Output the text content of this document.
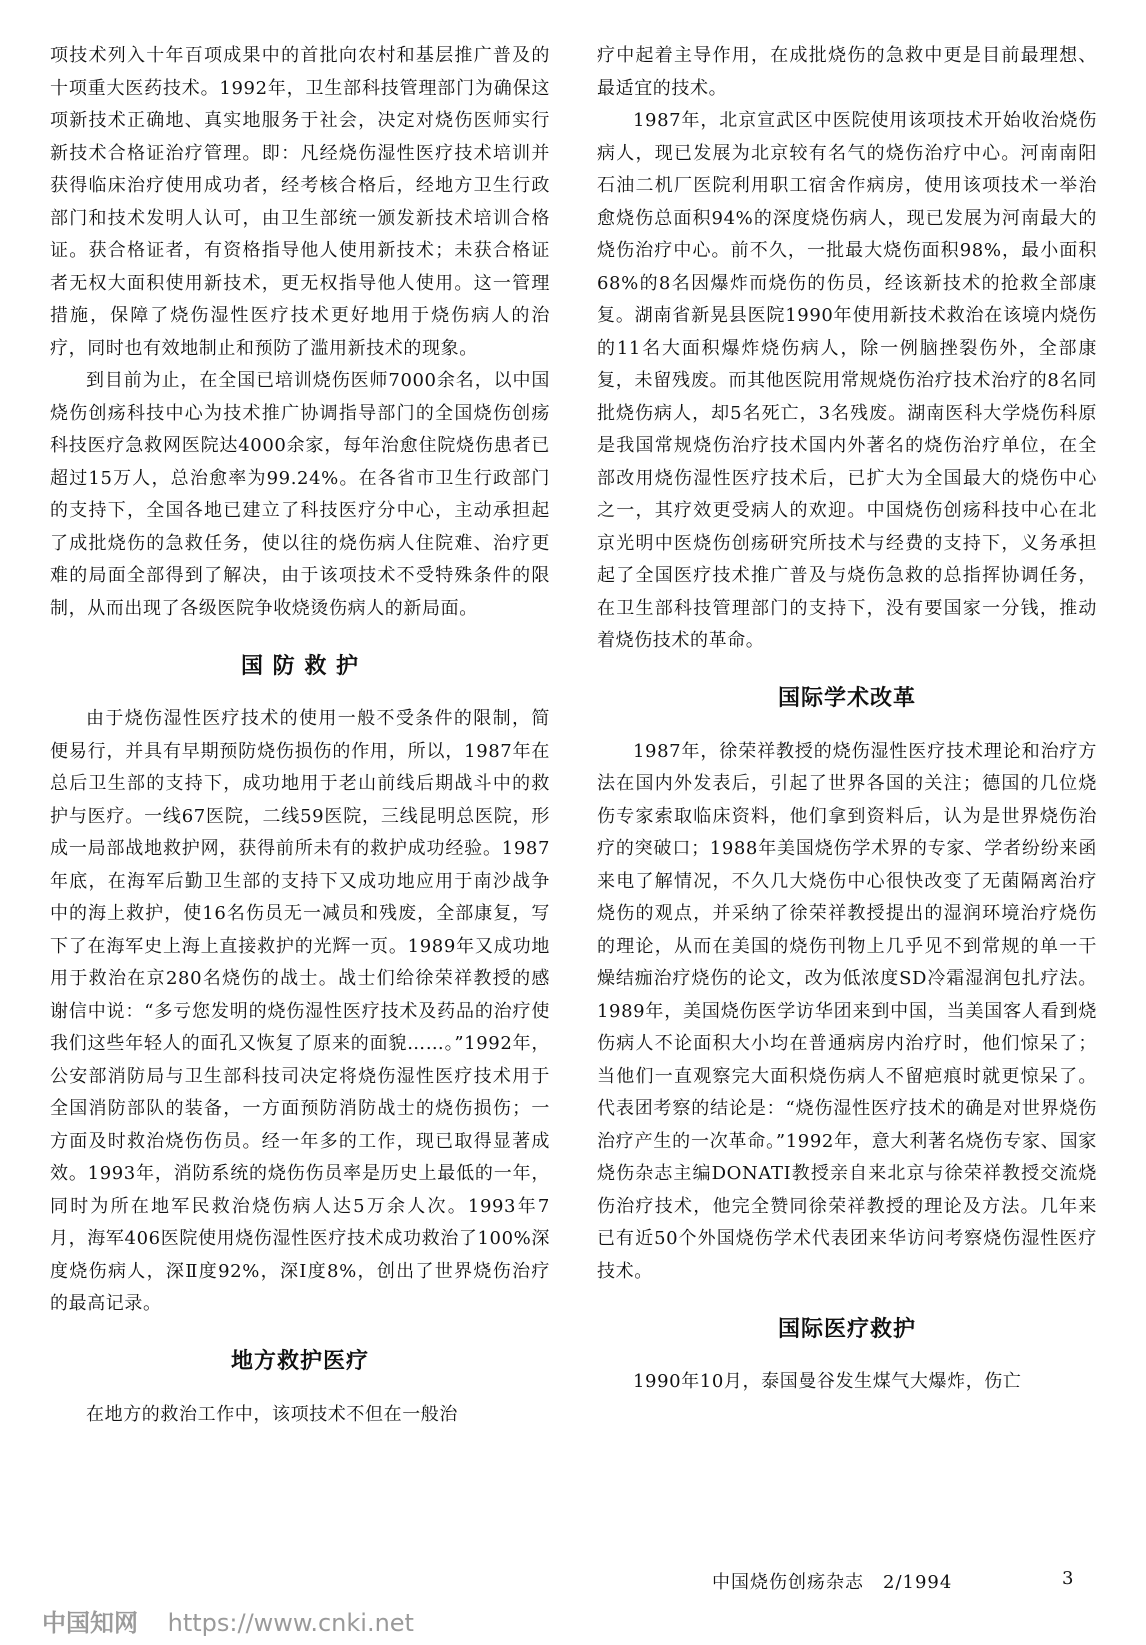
项技术列入十年百项成果中的首批向农村和基层推广普及的十项重大医药技术。1992年，卫生部科技管理部门为确保这项新技术正确地、真实地服务于社会，决定对烧伤医师实行新技术合格证治疗管理。即：凡经烧伤湿性医疗技术培训并获得临床治疗使用成功者，经考核合格后，经地方卫生行政部门和技术发明人认可，由卫生部统一颁发新技术培训合格证。获合格证者，有资格指导他人使用新技术；未获合格证者无权大面积使用新技术，更无权指导他人使用。这一管理措施，保障了烧伤湿性医疗技术更好地用于烧伤病人的治疗，同时也有效地制止和预防了滥用新技术的现象。

到目前为止，在全国已培训烧伤医师7000余名，以中国烧伤创疡科技中心为技术推广协调指导部门的全国烧伤创疡科技医疗急救网医院达4000余家，每年治愈住院烧伤患者已超过15万人，总治愈率为99.24%。在各省市卫生行政部门的支持下，全国各地已建立了科技医疗分中心，主动承担起了成批烧伤的急救任务，使以往的烧伤病人住院难、治疗更难的局面全部得到了解决，由于该项技术不受特殊条件的限制，从而出现了各级医院争收烧烫伤病人的新局面。

国 防 救 护

由于烧伤湿性医疗技术的使用一般不受条件的限制，简便易行，并具有早期预防烧伤损伤的作用，所以，1987年在总后卫生部的支持下，成功地用于老山前线后期战斗中的救护与医疗。一线67医院，二线59医院，三线昆明总医院，形成一局部战地救护网，获得前所未有的救护成功经验。1987年底，在海军后勤卫生部的支持下又成功地应用于南沙战争中的海上救护，使16名伤员无一减员和残废，全部康复，写下了在海军史上海上直接救护的光辉一页。1989年又成功地用于救治在京280名烧伤的战士。战士们给徐荣祥教授的感谢信中说：“多亏您发明的烧伤湿性医疗技术及药品的治疗使我们这些年轻人的面孔又恢复了原来的面貌……。”1992年，公安部消防局与卫生部科技司决定将烧伤湿性医疗技术用于全国消防部队的装备，一方面预防消防战士的烧伤损伤；一方面及时救治烧伤伤员。经一年多的工作，现已取得显著成效。1993年，消防系统的烧伤伤员率是历史上最低的一年，同时为所在地军民救治烧伤病人达5万余人次。1993年7月，海军406医院使用烧伤湿性医疗技术成功救治了100%深度烧伤病人，深Ⅱ度92%，深Ⅰ度8%，创出了世界烧伤治疗的最高记录。

地方救护医疗

在地方的救治工作中，该项技术不但在一般治

疗中起着主导作用，在成批烧伤的急救中更是目前最理想、最适宜的技术。

1987年，北京宣武区中医院使用该项技术开始收治烧伤病人，现已发展为北京较有名气的烧伤治疗中心。河南南阳石油二机厂医院利用职工宿舍作病房，使用该项技术一举治愈烧伤总面积94%的深度烧伤病人，现已发展为河南最大的烧伤治疗中心。前不久，一批最大烧伤面积98%，最小面积68%的8名因爆炸而烧伤的伤员，经该新技术的抢救全部康复。湖南省新晃县医院1990年使用新技术救治在该境内烧伤的11名大面积爆炸烧伤病人，除一例脑挫裂伤外，全部康复，未留残废。而其他医院用常规烧伤治疗技术治疗的8名同批烧伤病人，却5名死亡，3名残废。湖南医科大学烧伤科原是我国常规烧伤治疗技术国内外著名的烧伤治疗单位，在全部改用烧伤湿性医疗技术后，已扩大为全国最大的烧伤中心之一，其疗效更受病人的欢迎。中国烧伤创疡科技中心在北京光明中医烧伤创疡研究所技术与经费的支持下，义务承担起了全国医疗技术推广普及与烧伤急救的总指挥协调任务，在卫生部科技管理部门的支持下，没有要国家一分钱，推动着烧伤技术的革命。

国际学术改革

1987年，徐荣祥教授的烧伤湿性医疗技术理论和治疗方法在国内外发表后，引起了世界各国的关注；德国的几位烧伤专家索取临床资料，他们拿到资料后，认为是世界烧伤治疗的突破口；1988年美国烧伤学术界的专家、学者纷纷来函来电了解情况，不久几大烧伤中心很快改变了无菌隔离治疗烧伤的观点，并采纳了徐荣祥教授提出的湿润环境治疗烧伤的理论，从而在美国的烧伤刊物上几乎见不到常规的单一干燥结痂治疗烧伤的论文，改为低浓度SD冷霜湿润包扎疗法。1989年，美国烧伤医学访华团来到中国，当美国客人看到烧伤病人不论面积大小均在普通病房内治疗时，他们惊呆了；当他们一直观察完大面积烧伤病人不留疤痕时就更惊呆了。代表团考察的结论是：“烧伤湿性医疗技术的确是对世界烧伤治疗产生的一次革命。”1992年，意大利著名烧伤专家、国家烧伤杂志主编DONATI教授亲自来北京与徐荣祥教授交流烧伤治疗技术，他完全赞同徐荣祥教授的理论及方法。几年来已有近50个外国烧伤学术代表团来华访问考察烧伤湿性医疗技术。

国际医疗救护

1990年10月，泰国曼谷发生煤气大爆炸，伤亡

中国烧伤创疡杂志　2/1994	3
中国知网 https://www.cnki.net
